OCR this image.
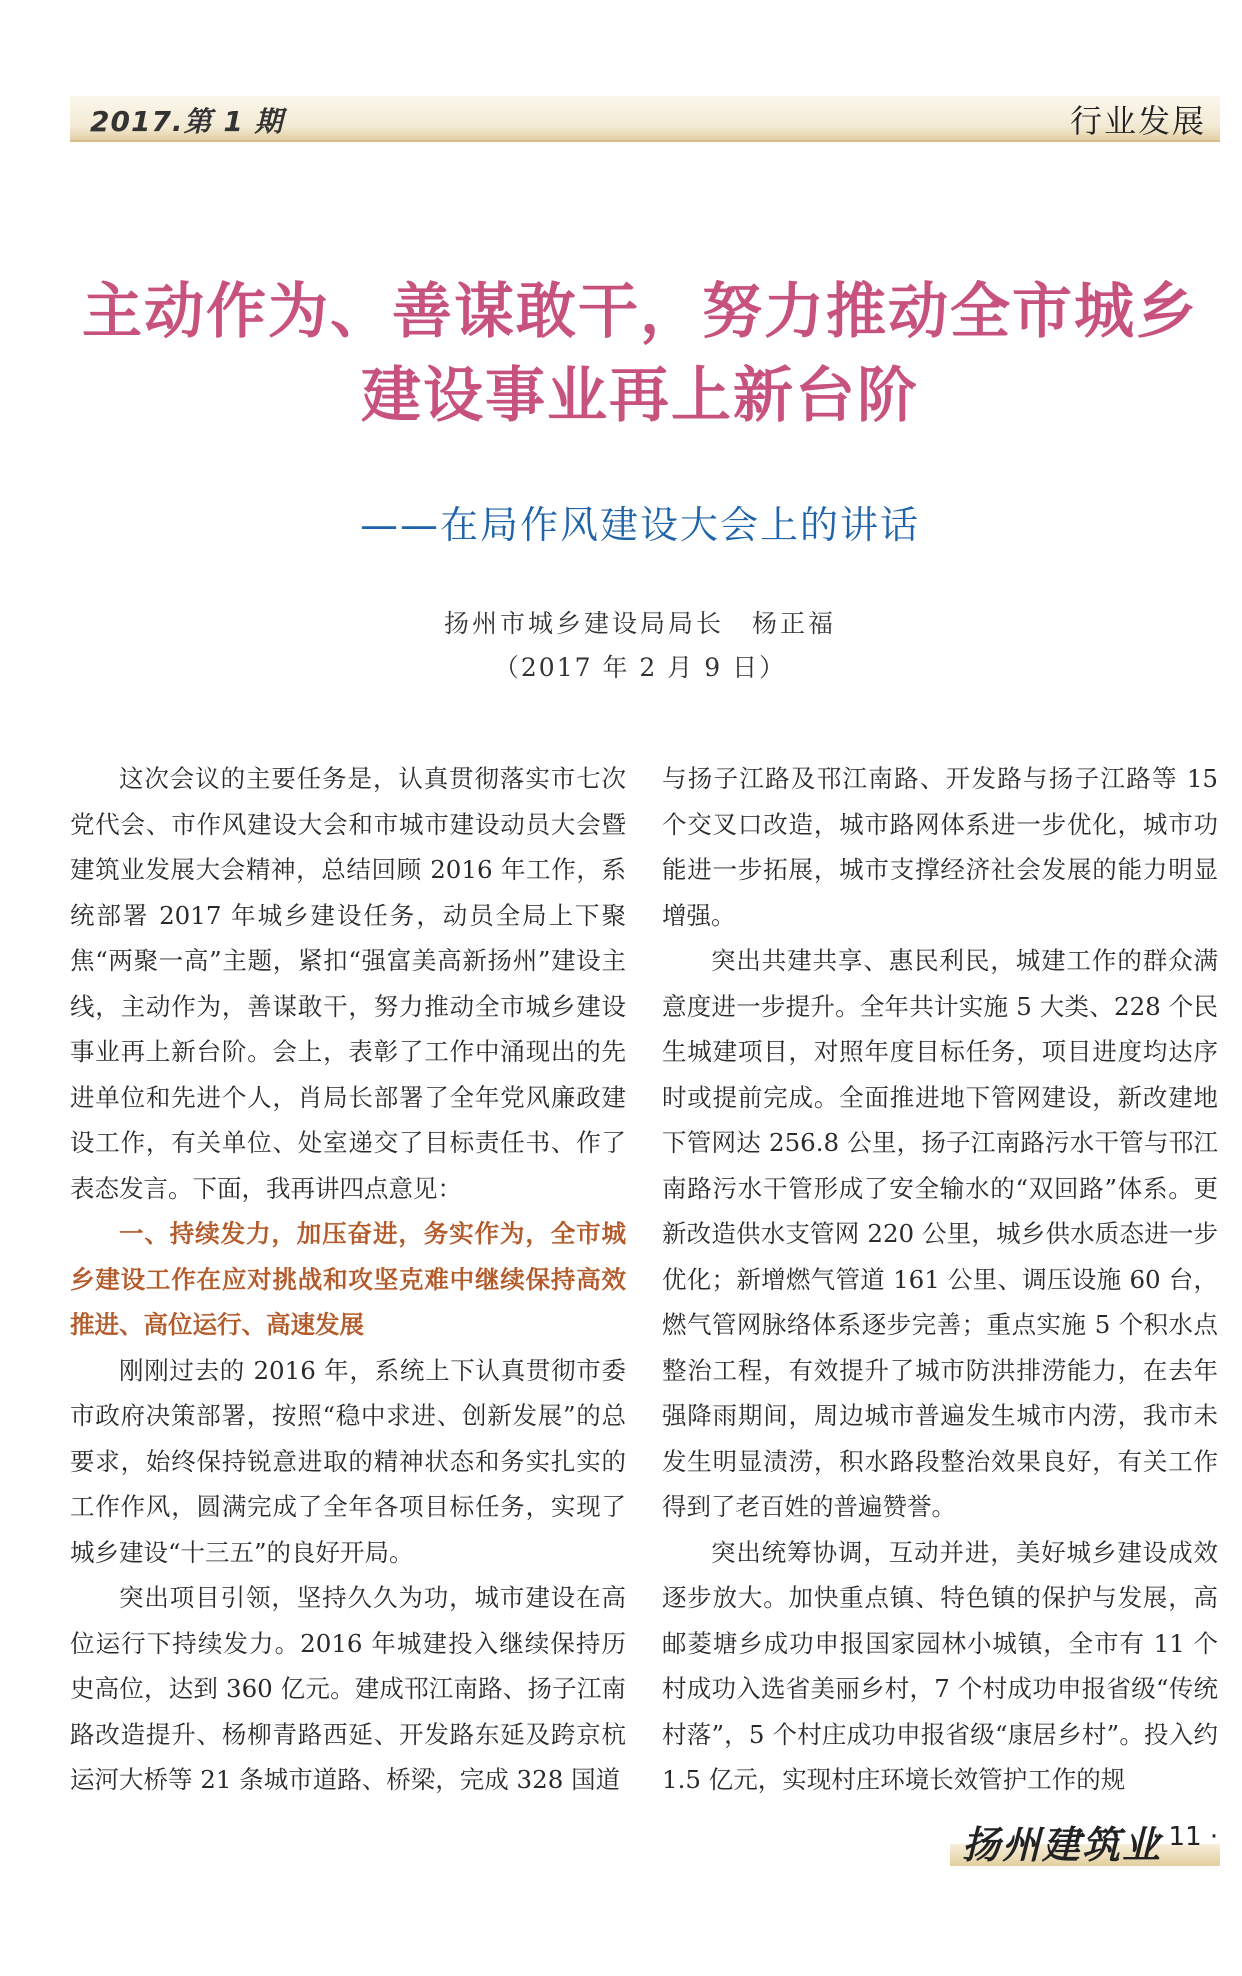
2017.第 1 期	行业发展
主动作为、善谋敢干，努力推动全市城乡
建设事业再上新台阶
——在局作风建设大会上的讲话
扬州市城乡建设局局长　杨正福
（2017 年 2 月 9 日）

这次会议的主要任务是，认真贯彻落实市七次党代会、市作风建设大会和市城市建设动员大会暨建筑业发展大会精神，总结回顾 2016 年工作，系统部署 2017 年城乡建设任务，动员全局上下聚焦“两聚一高”主题，紧扣“强富美高新扬州”建设主线，主动作为，善谋敢干，努力推动全市城乡建设事业再上新台阶。会上，表彰了工作中涌现出的先进单位和先进个人，肖局长部署了全年党风廉政建设工作，有关单位、处室递交了目标责任书、作了表态发言。下面，我再讲四点意见：

一、持续发力，加压奋进，务实作为，全市城乡建设工作在应对挑战和攻坚克难中继续保持高效推进、高位运行、高速发展

刚刚过去的 2016 年，系统上下认真贯彻市委市政府决策部署，按照“稳中求进、创新发展”的总要求，始终保持锐意进取的精神状态和务实扎实的工作作风，圆满完成了全年各项目标任务，实现了城乡建设“十三五”的良好开局。

突出项目引领，坚持久久为功，城市建设在高位运行下持续发力。2016 年城建投入继续保持历史高位，达到 360 亿元。建成邗江南路、扬子江南路改造提升、杨柳青路西延、开发路东延及跨京杭运河大桥等 21 条城市道路、桥梁，完成 328 国道

与扬子江路及邗江南路、开发路与扬子江路等 15 个交叉口改造，城市路网体系进一步优化，城市功能进一步拓展，城市支撑经济社会发展的能力明显增强。

突出共建共享、惠民利民，城建工作的群众满意度进一步提升。全年共计实施 5 大类、228 个民生城建项目，对照年度目标任务，项目进度均达序时或提前完成。全面推进地下管网建设，新改建地下管网达 256.8 公里，扬子江南路污水干管与邗江南路污水干管形成了安全输水的“双回路”体系。更新改造供水支管网 220 公里，城乡供水质态进一步优化；新增燃气管道 161 公里、调压设施 60 台，燃气管网脉络体系逐步完善；重点实施 5 个积水点整治工程，有效提升了城市防洪排涝能力，在去年强降雨期间，周边城市普遍发生城市内涝，我市未发生明显渍涝，积水路段整治效果良好，有关工作得到了老百姓的普遍赞誉。

突出统筹协调，互动并进，美好城乡建设成效逐步放大。加快重点镇、特色镇的保护与发展，高邮菱塘乡成功申报国家园林小城镇，全市有 11 个村成功入选省美丽乡村，7 个村成功申报省级“传统村落”，5 个村庄成功申报省级“康居乡村”。投入约 1.5 亿元，实现村庄环境长效管护工作的规

扬州建筑业
· 11 ·
